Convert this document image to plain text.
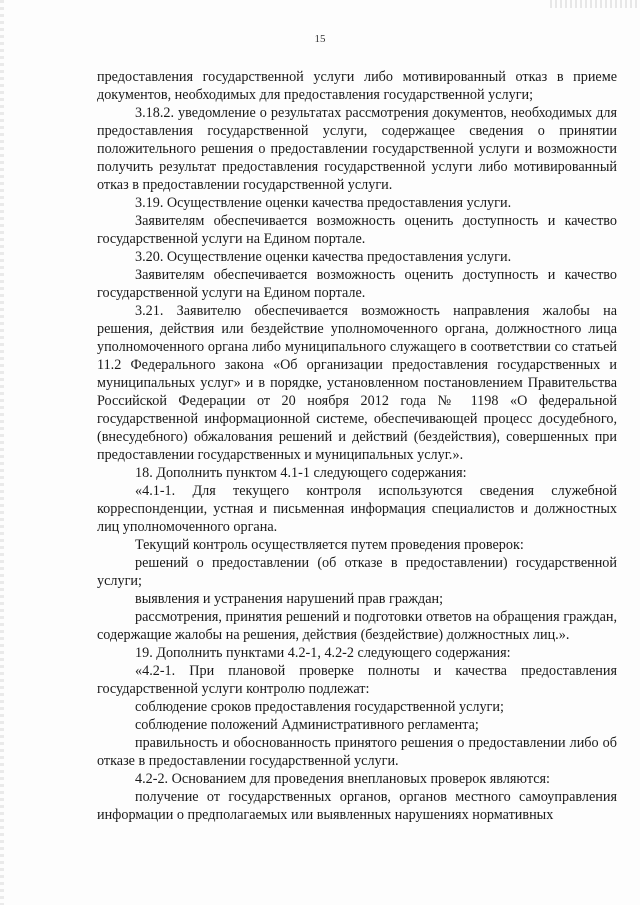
15

предоставления государственной услуги либо мотивированный отказ в приеме документов, необходимых для предоставления государственной услуги;

3.18.2. уведомление о результатах рассмотрения документов, необходимых для предоставления государственной услуги, содержащее сведения о принятии положительного решения о предоставлении государственной услуги и возможности получить результат предоставления государственной услуги либо мотивированный отказ в предоставлении государственной услуги.

3.19. Осуществление оценки качества предоставления услуги.

Заявителям обеспечивается возможность оценить доступность и качество государственной услуги на Едином портале.

3.20. Осуществление оценки качества предоставления услуги.

Заявителям обеспечивается возможность оценить доступность и качество государственной услуги на Едином портале.

3.21. Заявителю обеспечивается возможность направления жалобы на решения, действия или бездействие уполномоченного органа, должностного лица уполномоченного органа либо муниципального служащего в соответствии со статьей 11.2 Федерального закона «Об организации предоставления государственных и муниципальных услуг» и в порядке, установленном постановлением Правительства Российской Федерации от 20 ноября 2012 года № 1198 «О федеральной государственной информационной системе, обеспечивающей процесс досудебного, (внесудебного) обжалования решений и действий (бездействия), совершенных при предоставлении государственных и муниципальных услуг.».

18. Дополнить пунктом 4.1-1 следующего содержания:

«4.1-1. Для текущего контроля используются сведения служебной корреспонденции, устная и письменная информация специалистов и должностных лиц уполномоченного органа.

Текущий контроль осуществляется путем проведения проверок:

решений о предоставлении (об отказе в предоставлении) государственной услуги;

выявления и устранения нарушений прав граждан;

рассмотрения, принятия решений и подготовки ответов на обращения граждан, содержащие жалобы на решения, действия (бездействие) должностных лиц.».

19. Дополнить пунктами 4.2-1, 4.2-2 следующего содержания:

«4.2-1. При плановой проверке полноты и качества предоставления государственной услуги контролю подлежат:

соблюдение сроков предоставления государственной услуги;

соблюдение положений Административного регламента;

правильность и обоснованность принятого решения о предоставлении либо об отказе в предоставлении государственной услуги.

4.2-2. Основанием для проведения внеплановых проверок являются:

получение от государственных органов, органов местного самоуправления информации о предполагаемых или выявленных нарушениях нормативных
